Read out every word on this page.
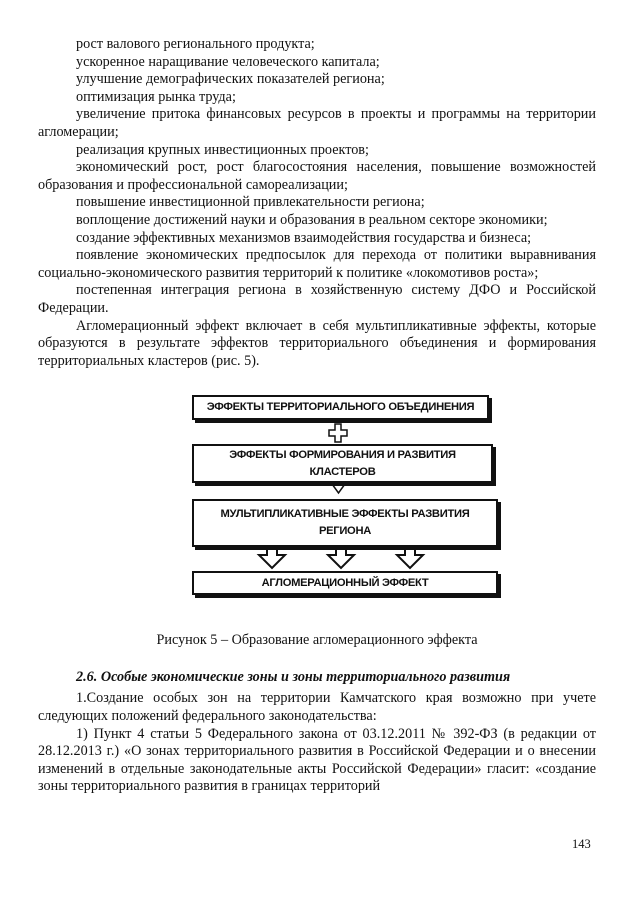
рост валового регионального продукта;

ускоренное наращивание человеческого капитала;

улучшение демографических показателей региона;

оптимизация рынка труда;

увеличение притока финансовых ресурсов в проекты и программы на территории агломерации;

реализация крупных инвестиционных проектов;

экономический рост, рост благосостояния населения, повышение возможностей образования и профессиональной самореализации;

повышение инвестиционной привлекательности региона;

воплощение достижений науки и образования в реальном секторе экономики;

создание эффективных механизмов взаимодействия государства и бизнеса;

появление экономических предпосылок для перехода от политики выравнивания социально-экономического развития территорий к политике «локомотивов роста»;

постепенная интеграция региона в хозяйственную систему ДФО и Российской Федерации.

Агломерационный эффект включает в себя мультипликативные эффекты, которые образуются в результате эффектов территориального объединения и формирования территориальных кластеров (рис. 5).

ЭФФЕКТЫ ТЕРРИТОРИАЛЬНОГО ОБЪЕДИНЕНИЯ
ЭФФЕКТЫ ФОРМИРОВАНИЯ И РАЗВИТИЯ
КЛАСТЕРОВ
МУЛЬТИПЛИКАТИВНЫЕ ЭФФЕКТЫ РАЗВИТИЯ
РЕГИОНА
АГЛОМЕРАЦИОННЫЙ ЭФФЕКТ

Рисунок 5 – Образование агломерационного эффекта

2.6. Особые экономические зоны и зоны территориального развития

1.Создание особых зон на территории Камчатского края возможно при учете следующих положений федерального законодательства:

1) Пункт 4 статьи 5 Федерального закона от 03.12.2011 № 392-ФЗ (в редакции от 28.12.2013 г.) «О зонах территориального развития в Российской Федерации и о внесении изменений в отдельные законодательные акты Российской Федерации» гласит: «создание зоны территориального развития в границах территорий

143
